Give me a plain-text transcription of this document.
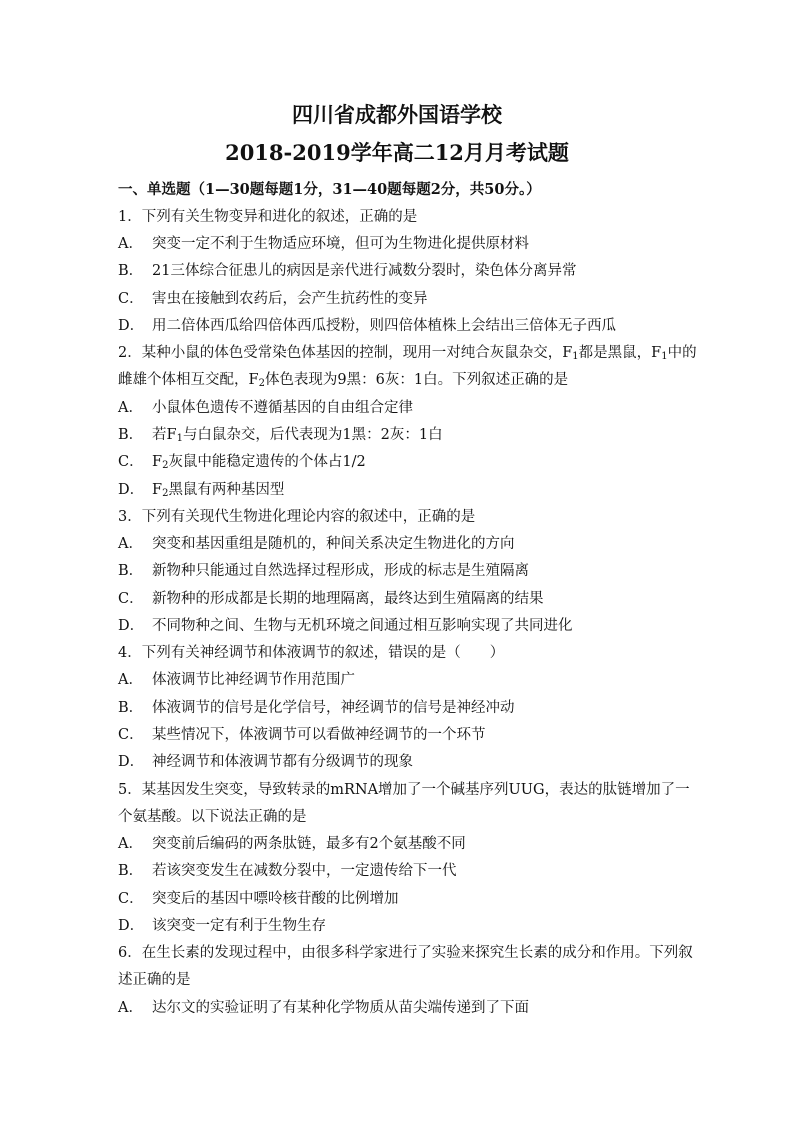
四川省成都外国语学校
2018-2019学年高二12月月考试题
一、单选题（1—30题每题1分，31—40题每题2分，共50分。）
1．下列有关生物变异和进化的叙述，正确的是
A． 突变一定不利于生物适应环境，但可为生物进化提供原材料
B． 21三体综合征患儿的病因是亲代进行减数分裂时，染色体分离异常
C． 害虫在接触到农药后，会产生抗药性的变异
D． 用二倍体西瓜给四倍体西瓜授粉，则四倍体植株上会结出三倍体无子西瓜
2．某种小鼠的体色受常染色体基因的控制，现用一对纯合灰鼠杂交，$F_1$都是黑鼠，$F_1$中的
雌雄个体相互交配，$F_2$体色表现为9黑：6灰：1白。下列叙述正确的是
A． 小鼠体色遗传不遵循基因的自由组合定律
B． 若$F_1$与白鼠杂交，后代表现为1黑：2灰：1白
C． $F_2$灰鼠中能稳定遗传的个体占1/2
D． $F_2$黑鼠有两种基因型
3．下列有关现代生物进化理论内容的叙述中，正确的是
A． 突变和基因重组是随机的，种间关系决定生物进化的方向
B． 新物种只能通过自然选择过程形成，形成的标志是生殖隔离
C． 新物种的形成都是长期的地理隔离，最终达到生殖隔离的结果
D． 不同物种之间、生物与无机环境之间通过相互影响实现了共同进化
4．下列有关神经调节和体液调节的叙述，错误的是（　　）
A． 体液调节比神经调节作用范围广
B． 体液调节的信号是化学信号，神经调节的信号是神经冲动
C． 某些情况下，体液调节可以看做神经调节的一个环节
D． 神经调节和体液调节都有分级调节的现象
5．某基因发生突变，导致转录的mRNA增加了一个碱基序列UUG，表达的肽链增加了一
个氨基酸。以下说法正确的是
A． 突变前后编码的两条肽链，最多有2个氨基酸不同
B． 若该突变发生在减数分裂中，一定遗传给下一代
C． 突变后的基因中嘌呤核苷酸的比例增加
D． 该突变一定有利于生物生存
6．在生长素的发现过程中，由很多科学家进行了实验来探究生长素的成分和作用。下列叙
述正确的是
A． 达尔文的实验证明了有某种化学物质从苗尖端传递到了下面
